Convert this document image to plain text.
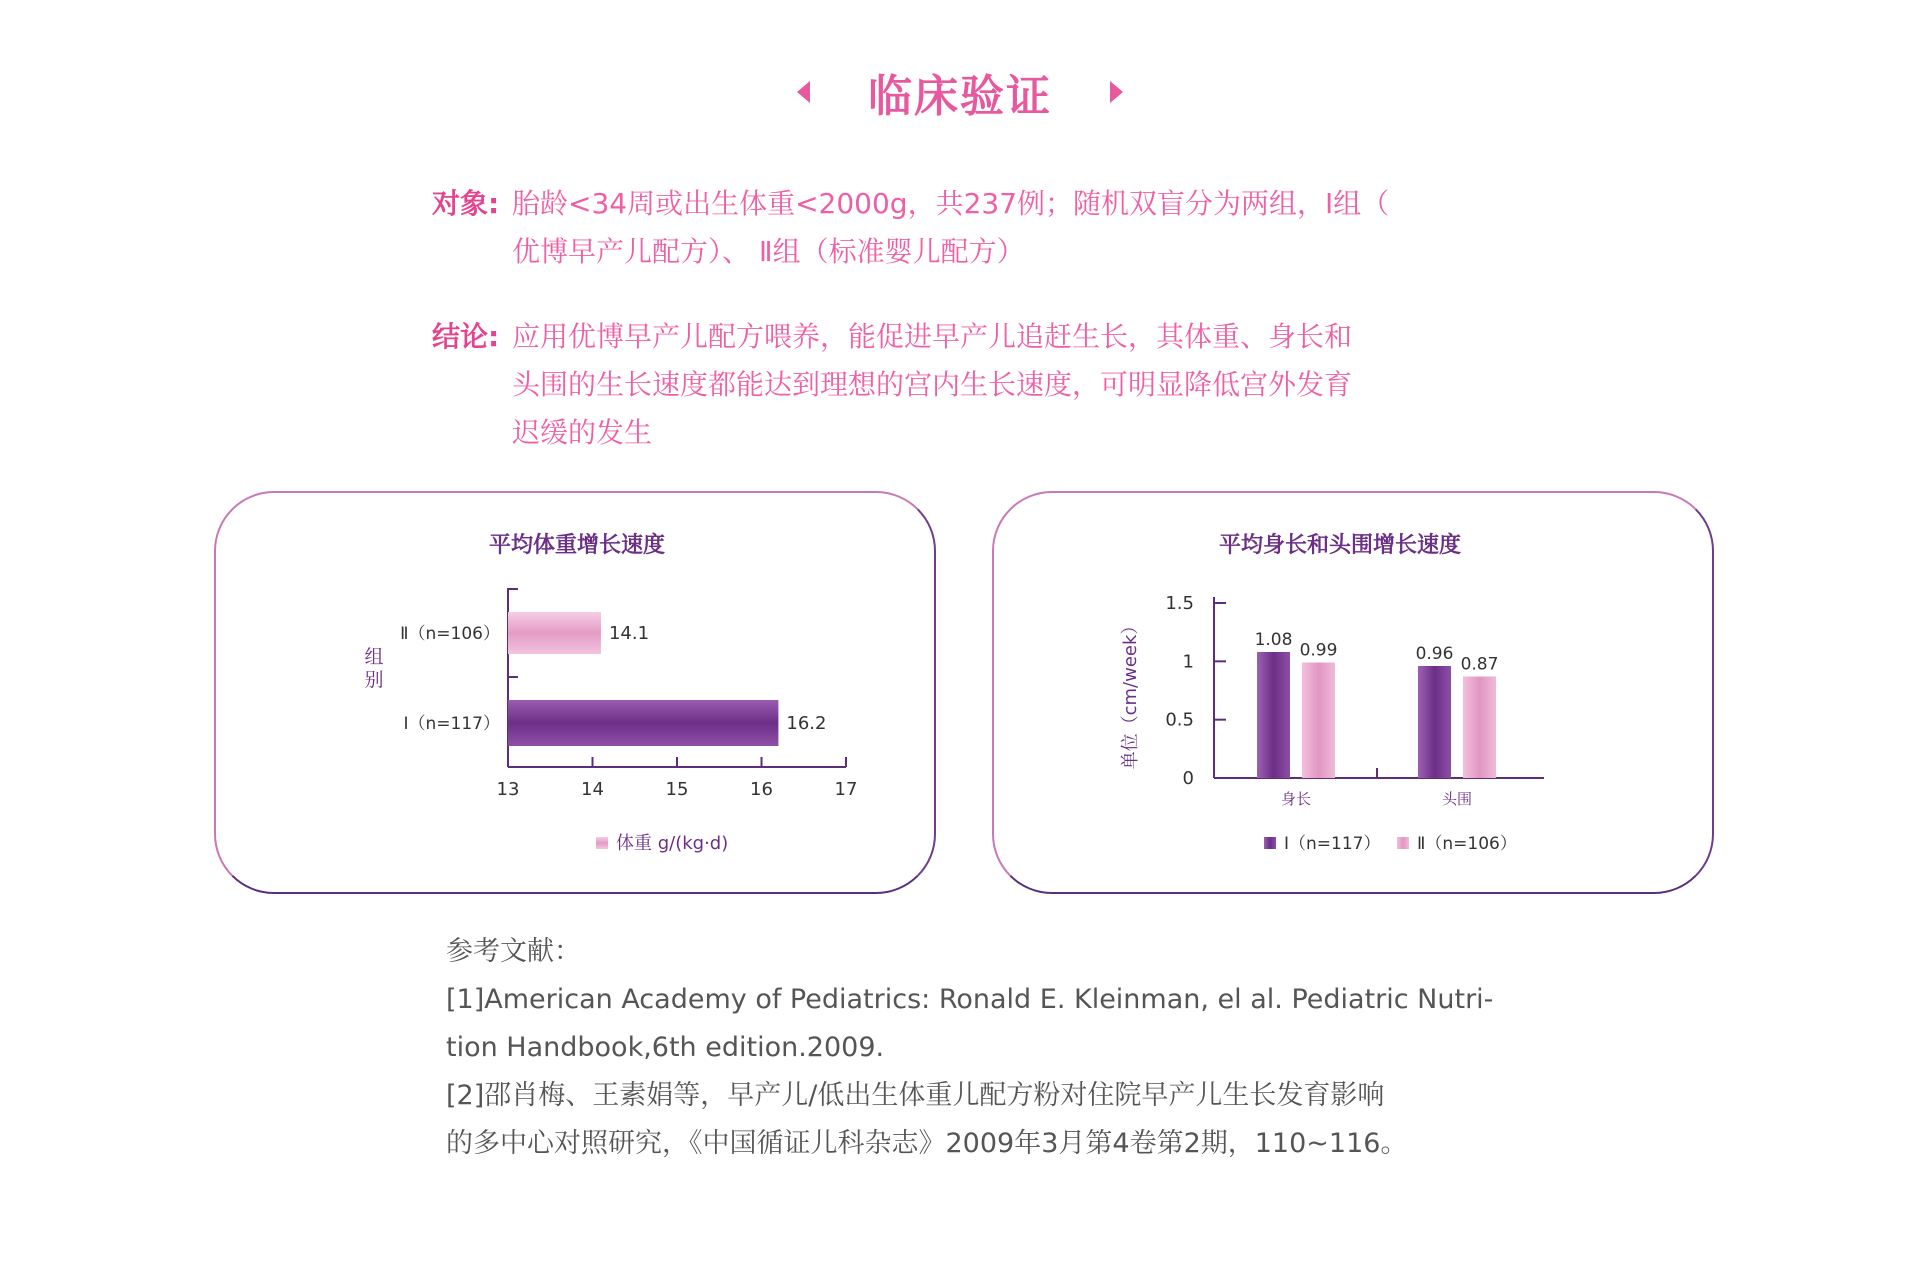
临床验证
对象: 胎龄<34周或出生体重<2000g，共237例；随机双盲分为两组，Ⅰ组（
优博早产儿配方）、 Ⅱ组（标准婴儿配方）
结论: 应用优博早产儿配方喂养，能促进早产儿追赶生长，其体重、身长和
头围的生长速度都能达到理想的宫内生长速度，可明显降低宫外发育
迟缓的发生
平均体重增长速度
13	14	15	16	17
14.1
Ⅱ（n=106）
16.2
Ⅰ（n=117）
组别
体重 g/(kg·d)
平均身长和头围增长速度
1.5
1
0.5
0
单位（cm/week）	1.08
0.99
身长
0.96
0.87
头围
Ⅰ（n=117） Ⅱ（n=106）
参考文献：
[1]American Academy of Pediatrics: Ronald E. Kleinman, el al. Pediatric Nutri-
tion Handbook,6th edition.2009.
[2]邵肖梅、王素娟等，早产儿/低出生体重儿配方粉对住院早产儿生长发育影响
的多中心对照研究，《中国循证儿科杂志》2009年3月第4卷第2期，110~116。
